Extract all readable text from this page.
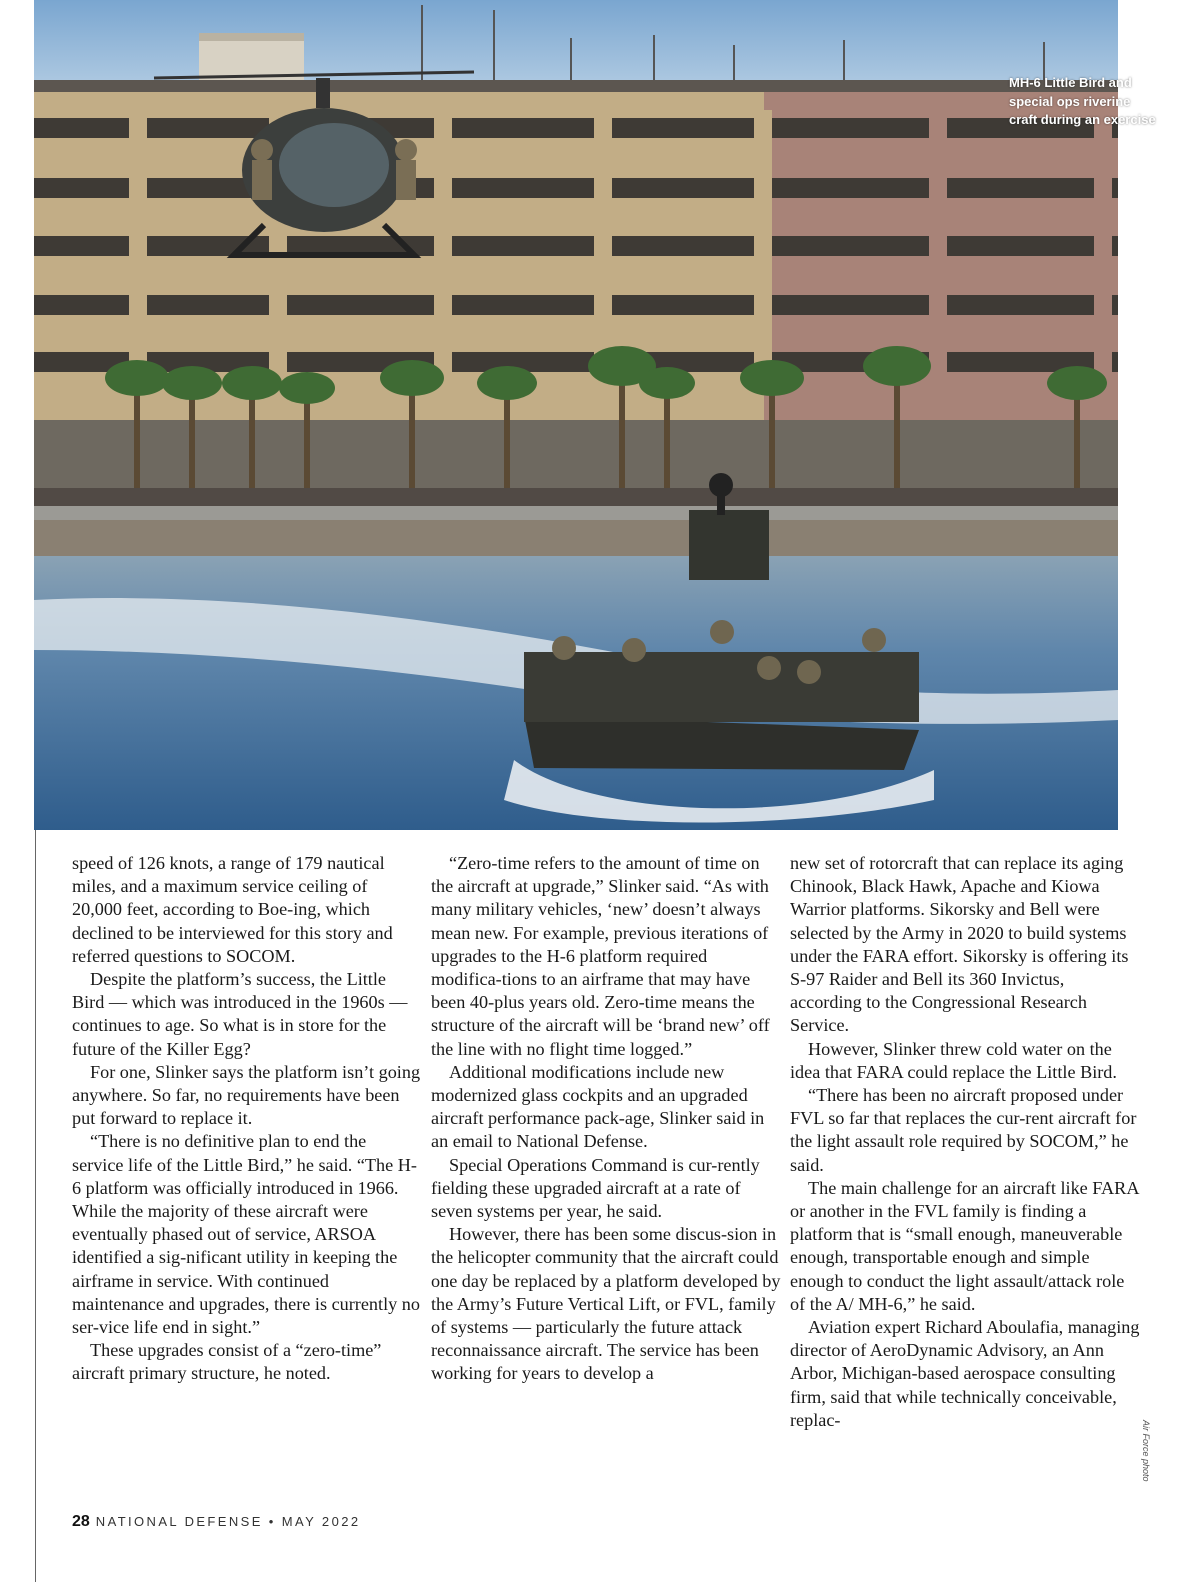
MH-6 Little Bird and special ops riverine craft during an exercise
Air Force photo

speed of 126 knots, a range of 179 nautical miles, and a maximum service ceiling of 20,000 feet, according to Boe-ing, which declined to be interviewed for this story and referred questions to SOCOM.

Despite the platform’s success, the Little Bird — which was introduced in the 1960s — continues to age. So what is in store for the future of the Killer Egg?

For one, Slinker says the platform isn’t going anywhere. So far, no requirements have been put forward to replace it.

“There is no definitive plan to end the service life of the Little Bird,” he said. “The H-6 platform was officially introduced in 1966. While the majority of these aircraft were eventually phased out of service, ARSOA identified a sig-nificant utility in keeping the airframe in service. With continued maintenance and upgrades, there is currently no ser-vice life end in sight.”

These upgrades consist of a “zero-time” aircraft primary structure, he noted.

“Zero-time refers to the amount of time on the aircraft at upgrade,” Slinker said. “As with many military vehicles, ‘new’ doesn’t always mean new. For example, previous iterations of upgrades to the H-6 platform required modifica-tions to an airframe that may have been 40-plus years old. Zero-time means the structure of the aircraft will be ‘brand new’ off the line with no flight time logged.”

Additional modifications include new modernized glass cockpits and an upgraded aircraft performance pack-age, Slinker said in an email to National Defense.

Special Operations Command is cur-rently fielding these upgraded aircraft at a rate of seven systems per year, he said.

However, there has been some discus-sion in the helicopter community that the aircraft could one day be replaced by a platform developed by the Army’s Future Vertical Lift, or FVL, family of systems — particularly the future attack reconnaissance aircraft. The service has been working for years to develop a

new set of rotorcraft that can replace its aging Chinook, Black Hawk, Apache and Kiowa Warrior platforms. Sikorsky and Bell were selected by the Army in 2020 to build systems under the FARA effort. Sikorsky is offering its S-97 Raider and Bell its 360 Invictus, according to the Congressional Research Service.

However, Slinker threw cold water on the idea that FARA could replace the Little Bird.

“There has been no aircraft proposed under FVL so far that replaces the cur-rent aircraft for the light assault role required by SOCOM,” he said.

The main challenge for an aircraft like FARA or another in the FVL family is finding a platform that is “small enough, maneuverable enough, transportable enough and simple enough to conduct the light assault/attack role of the A/ MH-6,” he said.

Aviation expert Richard Aboulafia, managing director of AeroDynamic Advisory, an Ann Arbor, Michigan-based aerospace consulting firm, said that while technically conceivable, replac-

28 NATIONAL DEFENSE • MAY 2022
